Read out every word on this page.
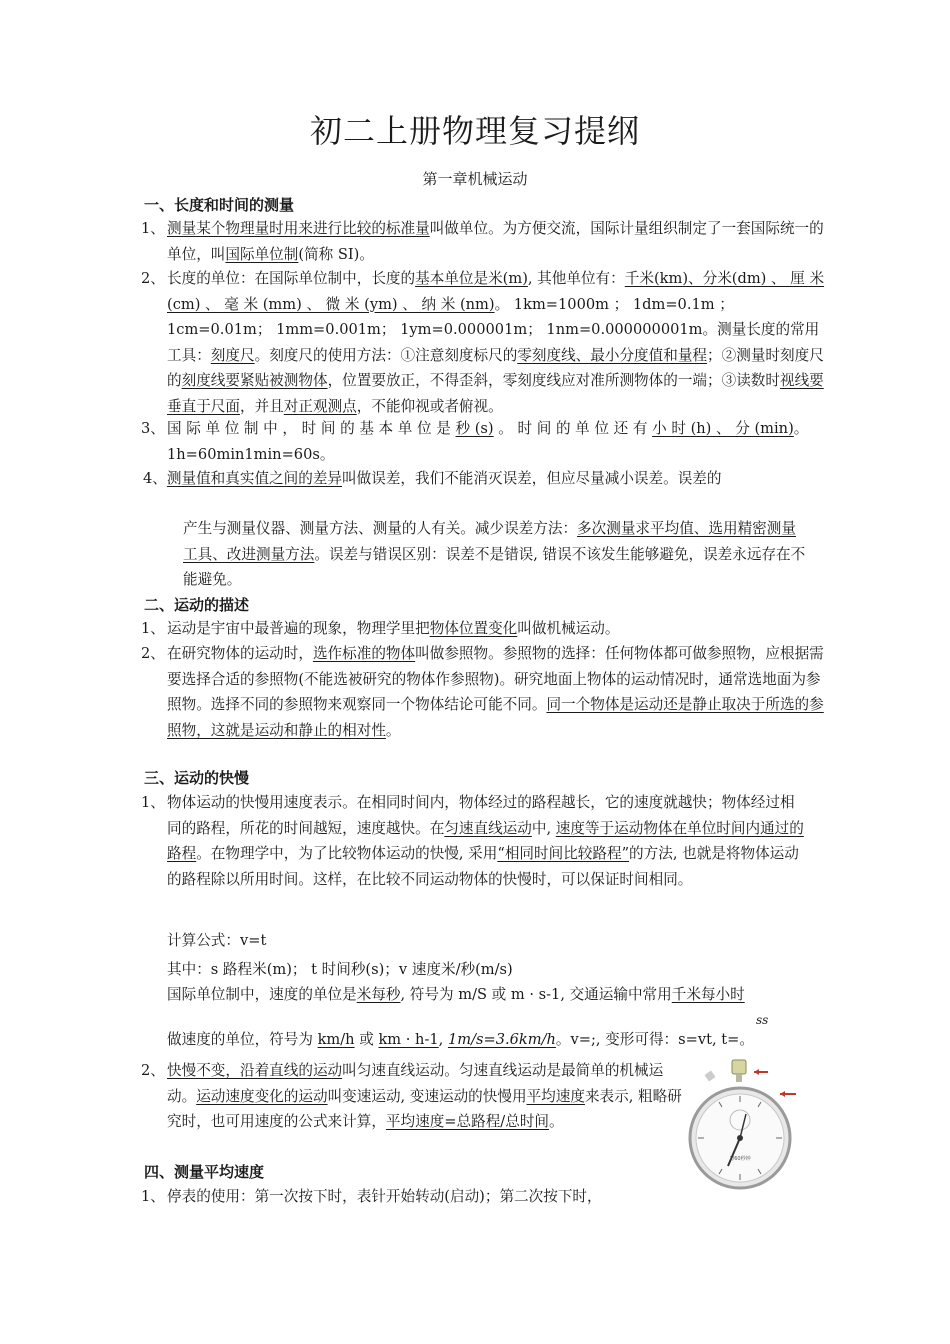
初二上册物理复习提纲
第一章机械运动
一、长度和时间的测量
1、 测量某个物理量时用来进行比较的标准量叫做单位。为方便交流，国际计量组织制定了一套国际统一的单位，叫国际单位制(简称 SI)。
2、 长度的单位：在国际单位制中，长度的基本单位是米(m), 其他单位有：千米(km)、分米(dm) 、 厘 米 (cm) 、 毫 米 (mm) 、 微 米 (ym) 、 纳 米 (nm)。 1km=1000m ； 1dm=0.1m ； 1cm=0.01m； 1mm=0.001m； 1ym=0.000001m； 1nm=0.000000001m。测量长度的常用工具：刻度尺。刻度尺的使用方法：①注意刻度标尺的零刻度线、最小分度值和量程；②测量时刻度尺的刻度线要紧贴被测物体，位置要放正，不得歪斜，零刻度线应对准所测物体的一端；③读数时视线要垂直于尺面，并且对正观测点，不能仰视或者俯视。
3、 国 际 单 位 制 中 ， 时 间 的 基 本 单 位 是 秒 (s) 。 时 间 的 单 位 还 有 小 时 (h) 、 分 (min)。1h=60min1min=60s。
4、测量值和真实值之间的差异叫做误差，我们不能消灭误差，但应尽量减小误差。误差的
产生与测量仪器、测量方法、测量的人有关。减少误差方法：多次测量求平均值、选用精密测量工具、改进测量方法。误差与错误区别：误差不是错误, 错误不该发生能够避免，误差永远存在不能避免。
二、运动的描述
1、 运动是宇宙中最普遍的现象，物理学里把物体位置变化叫做机械运动。
2、 在研究物体的运动时，选作标准的物体叫做参照物。参照物的选择：任何物体都可做参照物，应根据需要选择合适的参照物(不能选被研究的物体作参照物)。研究地面上物体的运动情况时，通常选地面为参照物。选择不同的参照物来观察同一个物体结论可能不同。同一个物体是运动还是静止取决于所选的参照物，这就是运动和静止的相对性。
三、运动的快慢
1、 物体运动的快慢用速度表示。在相同时间内，物体经过的路程越长，它的速度就越快；物体经过相同的路程，所花的时间越短，速度越快。在匀速直线运动中, 速度等于运动物体在单位时间内通过的路程。在物理学中，为了比较物体运动的快慢, 采用“相同时间比较路程”的方法, 也就是将物体运动的路程除以所用时间。这样，在比较不同运动物体的快慢时，可以保证时间相同。
计算公式：v=t
其中：s 路程米(m)； t 时间秒(s)；v 速度米/秒(m/s)
国际单位制中，速度的单位是米每秒, 符号为 m/S 或 m · s-1, 交通运输中常用千米每小时
ss
做速度的单位，符号为 km/h 或 km · h-1, 1m/s=3.6km/h。v=;, 变形可得：s=vt, t=。
2、 快慢不变，沿着直线的运动叫匀速直线运动。匀速直线运动是最简单的机械运动。运动速度变化的运动叫变速运动, 变速运动的快慢用平均速度来表示, 粗略研究时，也可用速度的公式来计算，平均速度=总路程/总时间。
四、测量平均速度
1、 停表的使用：第一次按下时，表针开始转动(启动)；第二次按下时，
1/60秒钟
